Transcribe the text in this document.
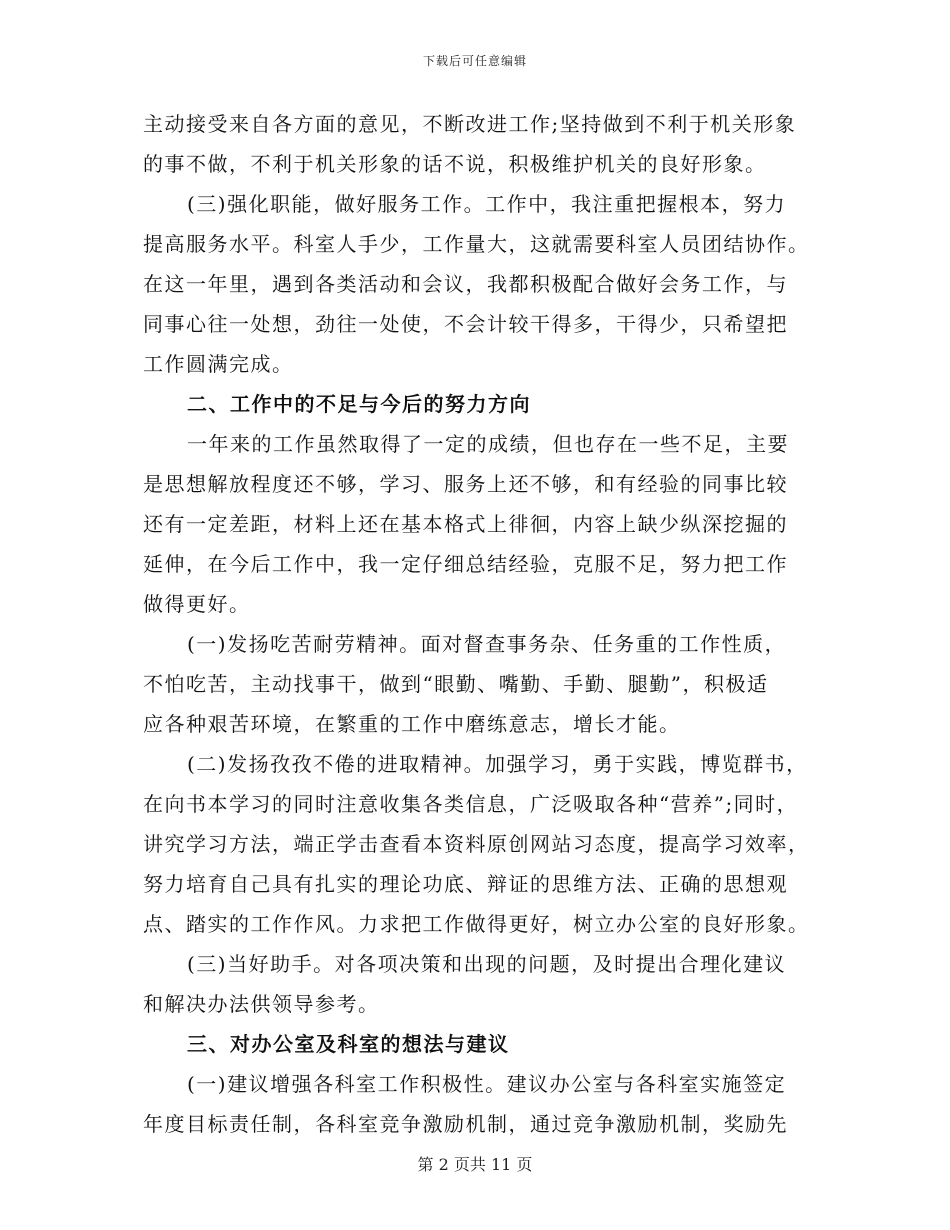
下载后可任意编辑
主动接受来自各方面的意见，不断改进工作;坚持做到不利于机关形象
的事不做，不利于机关形象的话不说，积极维护机关的良好形象。
(三)强化职能，做好服务工作。工作中，我注重把握根本，努力
提高服务水平。科室人手少，工作量大，这就需要科室人员团结协作。
在这一年里，遇到各类活动和会议，我都积极配合做好会务工作，与
同事心往一处想，劲往一处使，不会计较干得多，干得少，只希望把
工作圆满完成。
二、工作中的不足与今后的努力方向
一年来的工作虽然取得了一定的成绩，但也存在一些不足，主要
是思想解放程度还不够，学习、服务上还不够，和有经验的同事比较
还有一定差距，材料上还在基本格式上徘徊，内容上缺少纵深挖掘的
延伸，在今后工作中，我一定仔细总结经验，克服不足，努力把工作
做得更好。
(一)发扬吃苦耐劳精神。面对督查事务杂、任务重的工作性质，
不怕吃苦，主动找事干，做到“眼勤、嘴勤、手勤、腿勤”，积极适
应各种艰苦环境，在繁重的工作中磨练意志，增长才能。
(二)发扬孜孜不倦的进取精神。加强学习，勇于实践，博览群书，
在向书本学习的同时注意收集各类信息，广泛吸取各种“营养”;同时，
讲究学习方法，端正学击查看本资料原创网站习态度，提高学习效率，
努力培育自己具有扎实的理论功底、辩证的思维方法、正确的思想观
点、踏实的工作作风。力求把工作做得更好，树立办公室的良好形象。
(三)当好助手。对各项决策和出现的问题，及时提出合理化建议
和解决办法供领导参考。
三、对办公室及科室的想法与建议
(一)建议增强各科室工作积极性。建议办公室与各科室实施签定
年度目标责任制，各科室竞争激励机制，通过竞争激励机制，奖励先
第 2 页共 11 页
